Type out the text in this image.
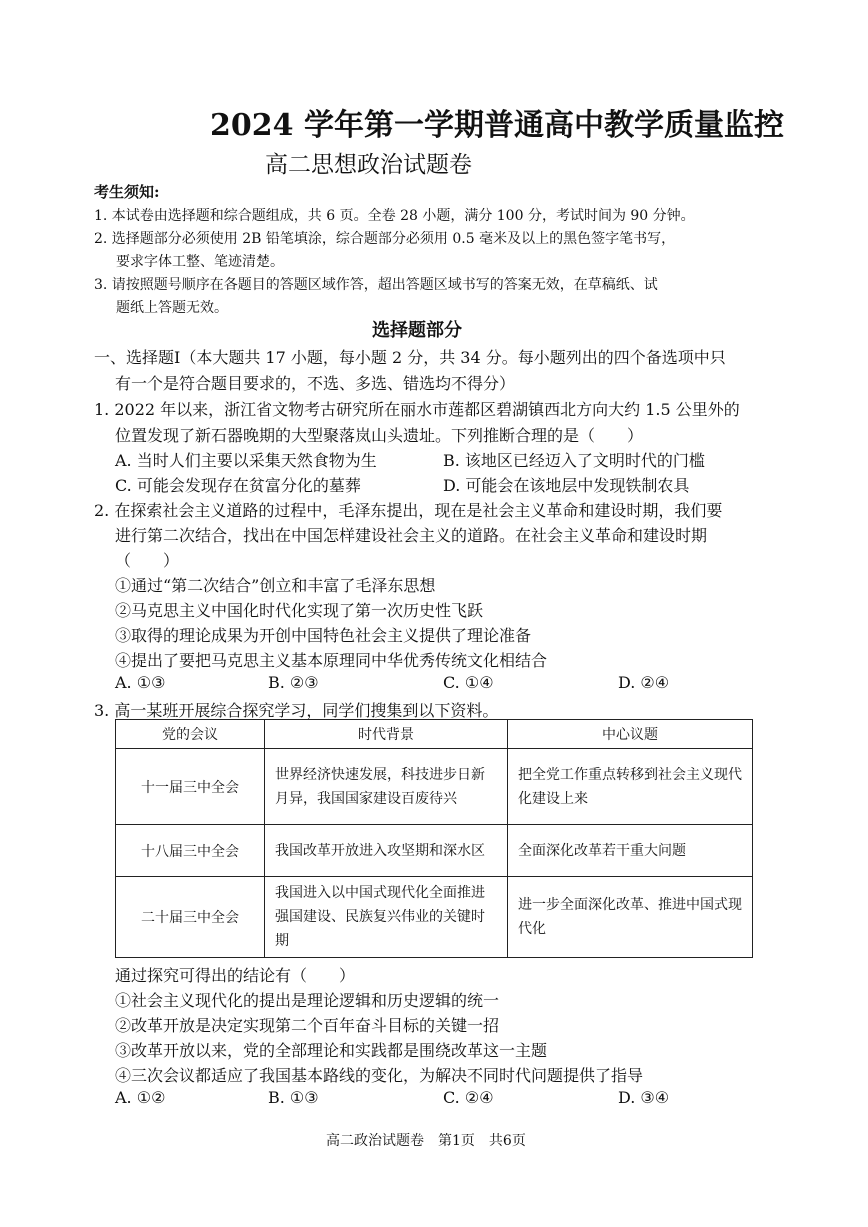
2024 学年第一学期普通高中教学质量监控
高二思想政治试题卷
考生须知:
1. 本试卷由选择题和综合题组成，共 6 页。全卷 28 小题，满分 100 分，考试时间为 90 分钟。
2. 选择题部分必须使用 2B 铅笔填涂，综合题部分必须用 0.5 毫米及以上的黑色签字笔书写，
要求字体工整、笔迹清楚。
3. 请按照题号顺序在各题目的答题区域作答，超出答题区域书写的答案无效，在草稿纸、试
题纸上答题无效。
选择题部分
一、选择题Ⅰ（本大题共 17 小题，每小题 2 分，共 34 分。每小题列出的四个备选项中只
有一个是符合题目要求的，不选、多选、错选均不得分）
1. 2022 年以来，浙江省文物考古研究所在丽水市莲都区碧湖镇西北方向大约 1.5 公里外的
位置发现了新石器晚期的大型聚落岚山头遗址。下列推断合理的是（　　）
A. 当时人们主要以采集天然食物为生	B. 该地区已经迈入了文明时代的门槛
C. 可能会发现存在贫富分化的墓葬	D. 可能会在该地层中发现铁制农具
2. 在探索社会主义道路的过程中，毛泽东提出，现在是社会主义革命和建设时期，我们要
进行第二次结合，找出在中国怎样建设社会主义的道路。在社会主义革命和建设时期
（　　）
①通过“第二次结合”创立和丰富了毛泽东思想
②马克思主义中国化时代化实现了第一次历史性飞跃
③取得的理论成果为开创中国特色社会主义提供了理论准备
④提出了要把马克思主义基本原理同中华优秀传统文化相结合
A. ①③	B. ②③	C. ①④	D. ②④
3. 高一某班开展综合探究学习，同学们搜集到以下资料。
党的会议	时代背景	中心议题
十一届三中全会	世界经济快速发展，科技进步日新月异，我国国家建设百废待兴	把全党工作重点转移到社会主义现代化建设上来
十八届三中全会	我国改革开放进入攻坚期和深水区	全面深化改革若干重大问题
二十届三中全会	我国进入以中国式现代化全面推进强国建设、民族复兴伟业的关键时期	进一步全面深化改革、推进中国式现代化
通过探究可得出的结论有（　　）
①社会主义现代化的提出是理论逻辑和历史逻辑的统一
②改革开放是决定实现第二个百年奋斗目标的关键一招
③改革开放以来，党的全部理论和实践都是围绕改革这一主题
④三次会议都适应了我国基本路线的变化，为解决不同时代问题提供了指导
A. ①②	B. ①③	C. ②④	D. ③④
高二政治试题卷　第1页　共6页
